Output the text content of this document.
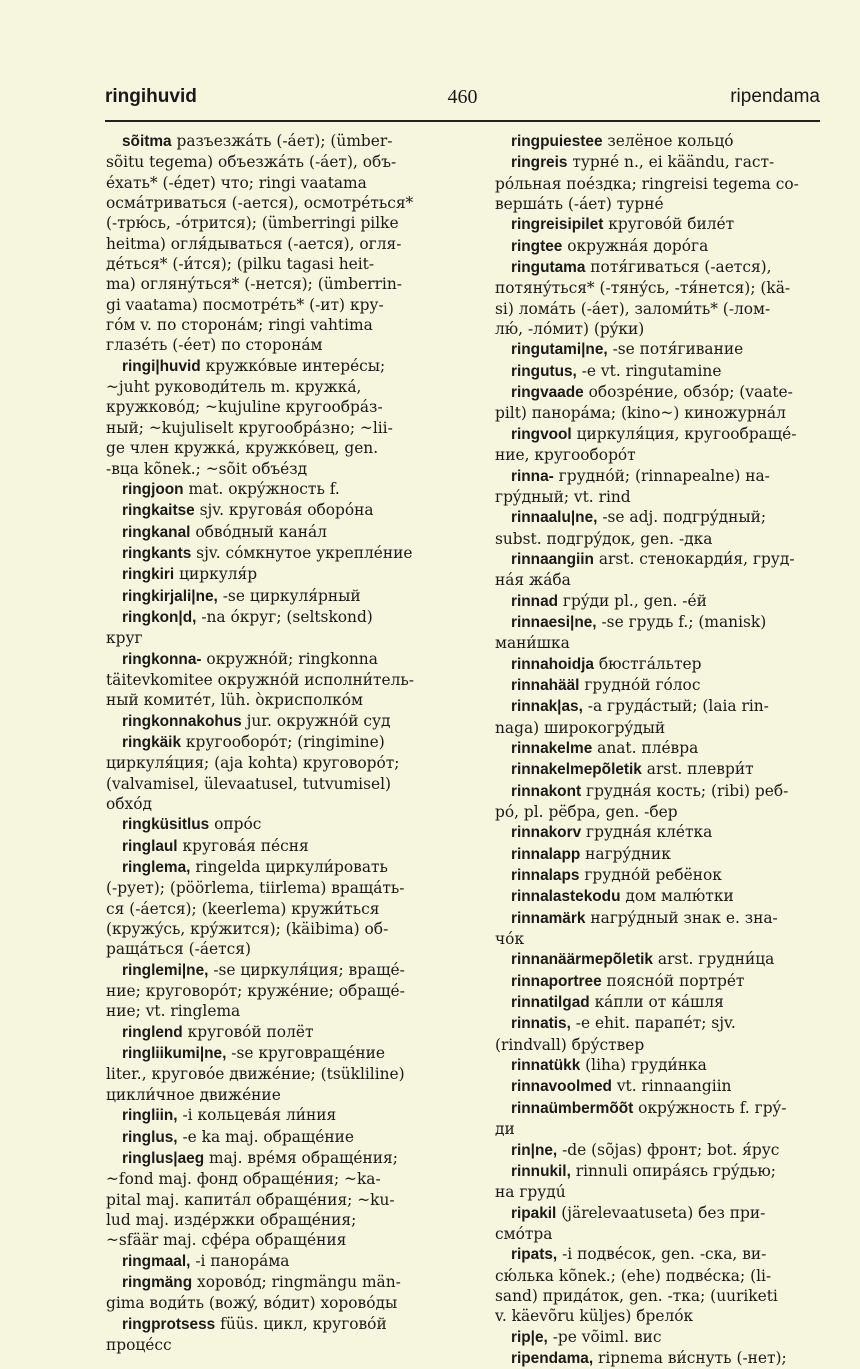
ringihuvid	460	ripendama
sõitma разъезжáть (-áет); (ümber-
sõitu tegema) объезжáть (-áет), объ-
éхать* (-éдет) что; ringi vaatama
осмáтриваться (-ается), осмотрéться*
(-трю́сь, -óтрится); (ümberringi pilke
heitma) огля́дываться (-ается), огля-
дéться* (-и́тся); (pilku tagasi heit-
ma) оглянýться* (-нется); (ümberrin-
gi vaatama) посмотрéть* (-ит) кру-
гóм v. по сторонáм; ringi vahtima
глазéть (-éет) по сторонáм
ringi|huvid кружкóвые интерéсы;
~juht руководи́тель m. кружкá,
кружковóд; ~kujuline кругообрáз-
ный; ~kujuliselt кругообрáзно; ~lii-
ge член кружкá, кружкóвец, gen.
-вца kõnek.; ~sõit объéзд
ringjoon mat. окрýжность f.
ringkaitse sjv. кругова́я оборóна
ringkanal обвóдный канáл
ringkants sjv. сóмкнутое укреплéние
ringkiri циркуля́р
ringkirjali|ne, -se циркуля́рный
ringkon|d, -na óкруг; (seltskond)
круг
ringkonna- окружнóй; ringkonna
täitevkomitee окружнóй исполни́тель-
ный комитéт, lüh. òкрисполкóм
ringkonnakohus jur. окружнóй суд
ringkäik кругооборóт; (ringimine)
циркуля́ция; (aja kohta) круговорóт;
(valvamisel, ülevaatusel, tutvumisel)
обхóд
ringküsitlus опрóс
ringlaul кругова́я пéсня
ringlema, ringelda циркули́ровать
(-рует); (pöörlema, tiirlema) вращáть-
ся (-áется); (keerlema) кружи́ться
(кружýсь, крýжится); (käibima) об-
ращáться (-áется)
ringlemi|ne, -se циркуля́ция; вращé-
ние; круговорóт; кружéние; обращé-
ние; vt. ringlema
ringlend кругово́й полёт
ringliikumi|ne, -se круговращéние
liter., кругово́е движéние; (tsükliline)
цикли́чное движéние
ringliin, -i кольцева́я ли́ния
ringlus, -e ka maj. обращéние
ringlus|aeg maj. врéмя обращéния;
~fond maj. фонд обращéния; ~ka-
pital maj. капитáл обращéния; ~ku-
lud maj. издéржки обращéния;
~sfäär maj. сфéра обращéния
ringmaal, -i панорáма
ringmäng хоровóд; ringmängu män-
gima води́ть (вожý, вóдит) хоровóды
ringprotsess füüs. цикл, кругово́й
процéсс
ringpuiestee зелёное кольцó
ringreis турнé n., ei käändu, гаст-
рóльная поéздка; ringreisi tegema со-
вершáть (-áет) турнé
ringreisipilet кругово́й билéт
ringtee окружна́я дорóга
ringutama потя́гиваться (-ается),
потянýться* (-тянýсь, -тя́нется); (kä-
si) ломáть (-áет), заломи́ть* (-лом-
лю́, -лóмит) (рýки)
ringutami|ne, -se потя́гивание
ringutus, -e vt. ringutamine
ringvaade обозрéние, обзóр; (vaate-
pilt) панорáма; (kino~) киножурнáл
ringvool циркуля́ция, кругообращé-
ние, кругооборóт
rinna- груднóй; (rinnapealne) на-
грýдный; vt. rind
rinnaalu|ne, -se adj. подгрýдный;
subst. подгрýдок, gen. -дка
rinnaangiin arst. стенокарди́я, груд-
на́я жáба
rinnad грýди pl., gen. -éй
rinnaesi|ne, -se грудь f.; (manisk)
мани́шка
rinnahoidja бюстгáльтер
rinnahääl груднóй гóлос
rinnak|as, -a грудáстый; (laia rin-
naga) широкогрýдый
rinnakelme anat. плéвра
rinnakelmepõletik arst. плеври́т
rinnakont грудна́я кость; (ribi) реб-
рó, pl. рёбра, gen. -бер
rinnakorv грудна́я клéтка
rinnalapp нагрýдник
rinnalaps груднóй ребёнок
rinnalastekodu дом малю́тки
rinnamärk нагрýдный знак e. зна-
чóк
rinnanäärmepõletik arst. грудни́ца
rinnaportree пояснóй портрéт
rinnatilgad кáпли от кáшля
rinnatis, -e ehit. парапéт; sjv.
(rindvall) брýствер
rinnatükk (liha) груди́нка
rinnavoolmed vt. rinnaangiin
rinnaümbermõõt окрýжность f. грý-
ди
rin|ne, -de (sõjas) фронт; bot. я́рус
rinnukil, rinnuli опирáясь грýдью;
на грудú
ripakil (järelevaatuseta) без при-
смóтра
ripats, -i подвéсок, gen. -ска, ви-
сю́лька kõnek.; (ehe) подвéска; (li-
sand) придáток, gen. -тка; (uuriketi
v. käevõru küljes) брелóк
rip|e, -pe võiml. вис
ripendama, ripnema ви́снуть (-нет);
